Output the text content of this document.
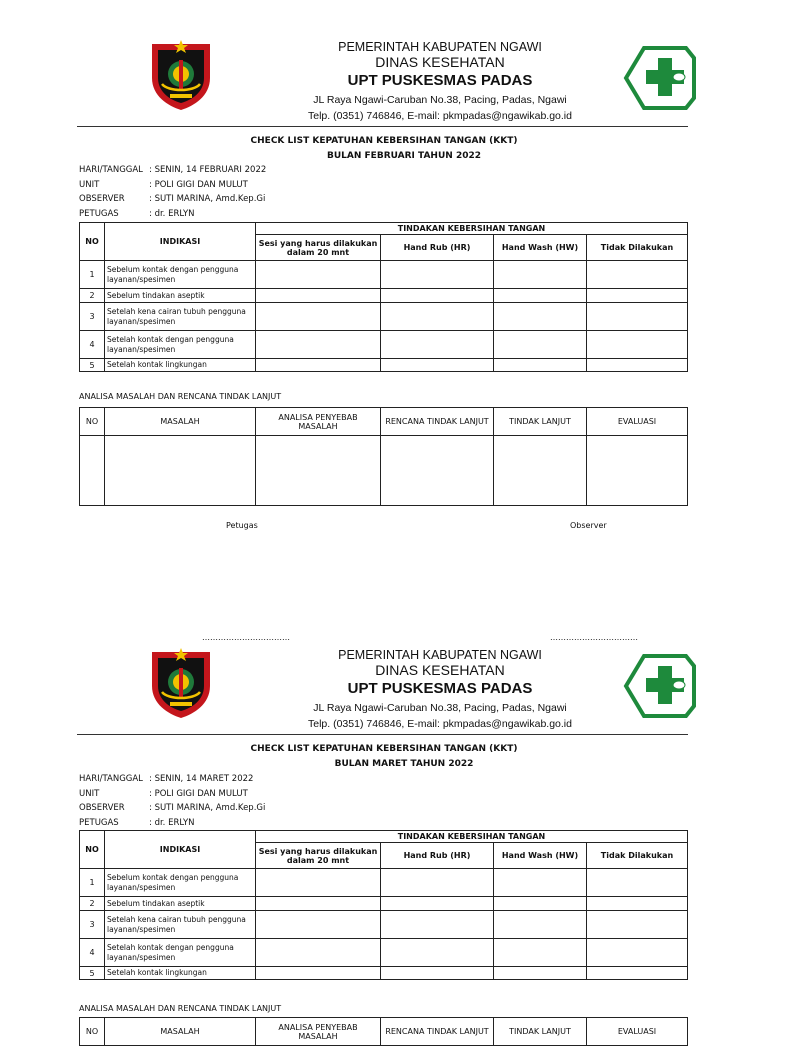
PEMERINTAH KABUPATEN NGAWI
DINAS KESEHATAN
UPT PUSKESMAS PADAS
JL Raya Ngawi-Caruban No.38, Pacing, Padas, Ngawi
Telp. (0351) 746846, E-mail: pkmpadas@ngawikab.go.id
CHECK LIST KEPATUHAN KEBERSIHAN TANGAN (KKT)
BULAN FEBRUARI TAHUN 2022
HARI/TANGGAL : SENIN, 14 FEBRUARI 2022
UNIT	: POLI GIGI DAN MULUT
OBSERVER	: SUTI MARINA, Amd.Kep.Gi
PETUGAS	: dr. ERLYN
NO	INDIKASI	TINDAKAN KEBERSIHAN TANGAN			
		Sesi yang harus dilakukan dalam 20 mnt	Hand Rub (HR)	Hand Wash (HW)	Tidak Dilakukan
1	Sebelum kontak dengan pengguna layanan/spesimen				
2	Sebelum tindakan aseptik				
3	Setelah kena cairan tubuh pengguna layanan/spesimen				
4	Setelah kontak dengan pengguna layanan/spesimen				
5	Setelah kontak lingkungan				
ANALISA MASALAH DAN RENCANA TINDAK LANJUT
NO	MASALAH	ANALISA PENYEBAB MASALAH	RENCANA TINDAK LANJUT	TINDAK LANJUT	EVALUASI

Petugas	Observer
……………………………	……………………………
PEMERINTAH KABUPATEN NGAWI
DINAS KESEHATAN
UPT PUSKESMAS PADAS
JL Raya Ngawi-Caruban No.38, Pacing, Padas, Ngawi
Telp. (0351) 746846, E-mail: pkmpadas@ngawikab.go.id
CHECK LIST KEPATUHAN KEBERSIHAN TANGAN (KKT)
BULAN MARET TAHUN 2022
HARI/TANGGAL : SENIN, 14 MARET 2022
UNIT	: POLI GIGI DAN MULUT
OBSERVER	: SUTI MARINA, Amd.Kep.Gi
PETUGAS	: dr. ERLYN
NO	INDIKASI	TINDAKAN KEBERSIHAN TANGAN			
		Sesi yang harus dilakukan dalam 20 mnt	Hand Rub (HR)	Hand Wash (HW)	Tidak Dilakukan
1	Sebelum kontak dengan pengguna layanan/spesimen				
2	Sebelum tindakan aseptik				
3	Setelah kena cairan tubuh pengguna layanan/spesimen				
4	Setelah kontak dengan pengguna layanan/spesimen				
5	Setelah kontak lingkungan				
ANALISA MASALAH DAN RENCANA TINDAK LANJUT
NO	MASALAH	ANALISA PENYEBAB MASALAH	RENCANA TINDAK LANJUT	TINDAK LANJUT	EVALUASI
